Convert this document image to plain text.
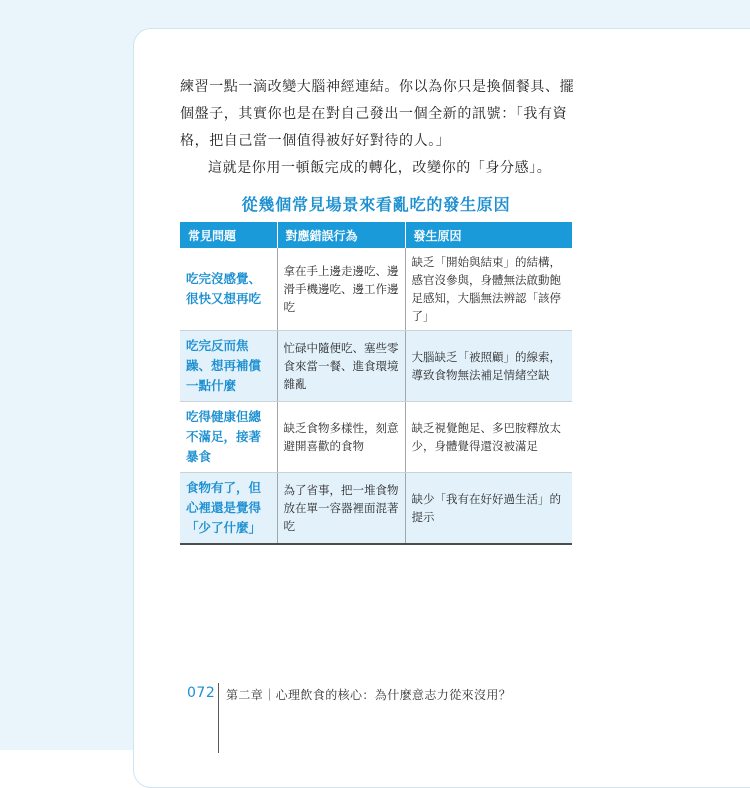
練習一點一滴改變大腦神經連結。你以為你只是換個餐具、擺個盤子，其實你也是在對自己發出一個全新的訊號：「我有資格，把自己當一個值得被好好對待的人。」

這就是你用一頓飯完成的轉化，改變你的「身分感」。

從幾個常見場景來看亂吃的發生原因
常見問題	對應錯誤行為	發生原因
吃完沒感覺、很快又想再吃	拿在手上邊走邊吃、邊滑手機邊吃、邊工作邊吃	缺乏「開始與結束」的結構，感官沒參與，身體無法啟動飽足感知，大腦無法辨認「該停了」
吃完反而焦躁、想再補償一點什麼	忙碌中隨便吃、塞些零食來當一餐、進食環境雜亂	大腦缺乏「被照顧」的線索，導致食物無法補足情緒空缺
吃得健康但總不滿足，接著暴食	缺乏食物多樣性，刻意避開喜歡的食物	缺乏視覺飽足、多巴胺釋放太少，身體覺得還沒被滿足
食物有了，但心裡還是覺得「少了什麼」	為了省事，把一堆食物放在單一容器裡面混著吃	缺少「我有在好好過生活」的提示
072 第二章｜心理飲食的核心：為什麼意志力從來沒用？
